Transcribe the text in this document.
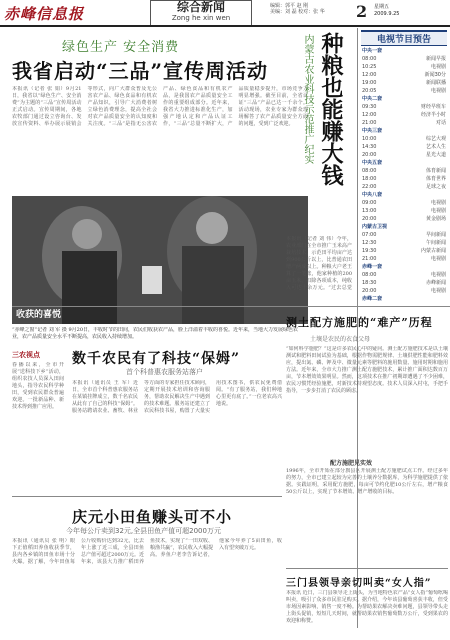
赤峰信息报	综合新闻
Zong he xin wen
编辑：郭平 赵 刚
美编：刘 磊 校对：张 华 2 星期五
2009.9.25
绿色生产 安全消费
我省启动“三品”宣传周活动
本报讯（记者 张 娟）9月21日，我省以“绿色生产、安全消费”为主题的“三品”宣传周活动正式启动。宣传周期间，各地农牧部门通过设立咨询台、发放宣传资料、举办展示展销会等形式，向广大群众普及无公害农产品、绿色食品和有机农产品知识，引导广大消费者树立绿色消费理念，提高全社会对农产品质量安全的认知度和关注度。“三品”是指无公害农产品、绿色食品和有机农产品，是我国农产品质量安全工作的重要组成部分。近年来，我省大力推进标准化生产，加强产地认定和产品认证工作，“三品”总量不断扩大，产品质量稳步提升，市场竞争力明显增强。截至目前，全省认证“三品”产品已达一千余个。活动现场，农业专家为群众现场解答了农产品质量安全方面的问题，受到广泛欢迎。
收获的喜悦
“赤峰之窗”记者 刘 军 摄 9月20日，丰收时节的田间，农民们收获农产品，脸上洋溢着丰收的喜悦。近年来，当地大力发展绿色农业，农产品质量安全水平不断提高，农民收入持续增加。
种粮也能赚大钱
内蒙古农业科技示范推广纪实
本报讯（记者 刘 伟）今年，农业部门在全市推广玉米高产栽培技术，示范田平均亩产达到900公斤以上，比普通农田增产两成以上。种粮大户老王算了一笔账，他家种植的200亩玉米，扣除各项成本，纯收入可达十余万元。“过去总觉
电视节目预告
中央一套
08:00	新闻早报
10:25	电视剧
12:00	新闻30分
19:00	新闻联播
20:05	电视剧
中央二套
09:30	财经早班车
12:00	经济半小时
21:00	对话
中央三套
10:00	综艺大观
14:30	艺术人生
20:00	星光大道
中央五套
08:00	体育新闻
18:00	体育世界
22:00	足球之夜
中央八套
09:00	电视剧
13:00	电视剧
20:00	黄金剧场
内蒙古卫视
07:00	早间新闻
12:30	午间新闻
19:30	内蒙古新闻
21:00	电视剧
赤峰一套
08:00	电视剧
18:30	赤峰新闻
20:00	电视剧
赤峰二套
测土配方施肥的“难产”历程
土壤是农民的衣食父母
“如何科学施肥？”这是许多农民心中的疑问。测土配方施肥技术是以土壤测试和肥料田间试验为基础，根据作物需肥规律、土壤供肥性能和肥料效应，提出氮、磷、钾及中、微量元素等肥料的施用数量、施用时期和施用方法。近年来，全市大力推广测土配方施肥技术，累计推广面积达数百万亩，节本增效效果明显。然而，这项技术在推广初期却遭遇了不少困难，农民习惯凭经验施肥，对新技术持观望态度。技术人员深入村屯，手把手指导，一步步打消了农民的顾虑。
配方施肥见实效
1996年，全市开始在部分旗县区开展测土配方施肥试点工作。经过多年的努力，全市已建立起较为完善的土壤养分数据库，为科学施肥提供了依据。实践证明，采用配方施肥，每亩可节约化肥10公斤左右，增产粮食50公斤以上，实现了节本增效、增产增收的目标。
三农视点
春播以来，全市开展“送科技下乡”活动，组织农技人员深入田间地头，指导农民科学种田，受到农民群众普遍欢迎。一批新品种、新技术得到推广应用。
数千农民有了科技“保姆”
首个科普惠农服务站落户
本报讯（通讯员 王 军）近日，全市首个科普惠农服务站在某镇挂牌成立，数千名农民从此有了自己的科技“保姆”。服务站聘请农业、畜牧、林业等方面的专家担任技术顾问，定期开展技术培训和咨询服务，帮助农民解决生产中遇到的技术难题。服务站还建立了农民科技书屋，购置了大量实用技术图书，供农民免费借阅。“有了服务站，我们种地心里更有底了。”一位老农高兴地说。
庆元小田鱼赚头可不小
今年每公斤卖到32元,全县田鱼产值可超2000万元
本报讯（通讯员 张 明）眼下正值稻田养鱼收获季节，县内各乡镇的田鱼市场十分火爆。据了解，今年田鱼每公斤收购价达到32元，比去年上涨了近三成，全县田鱼总产值可超过2000万元。近年来，该县大力推广稻田养鱼技术，实现了“一田双收、粮渔共赢”，农民收入大幅提高。养鱼户老李告诉记者，他家今年养了5亩田鱼，收入有望突破万元。
三门县领导亲切叫卖“女人指”
本报讯 近日，三门县领导走上街头，为当地特色农产品“女人指”葡萄吆喝叫卖，吸引了众多市民驻足购买。据介绍，今年该县葡萄喜获丰收，但受市场因素影响，销售一度不畅。为帮助果农解决卖难问题，县领导带头走上街头促销，短短几天时间，就帮助果农销售葡萄数万公斤，受到果农的欢迎和称赞。
